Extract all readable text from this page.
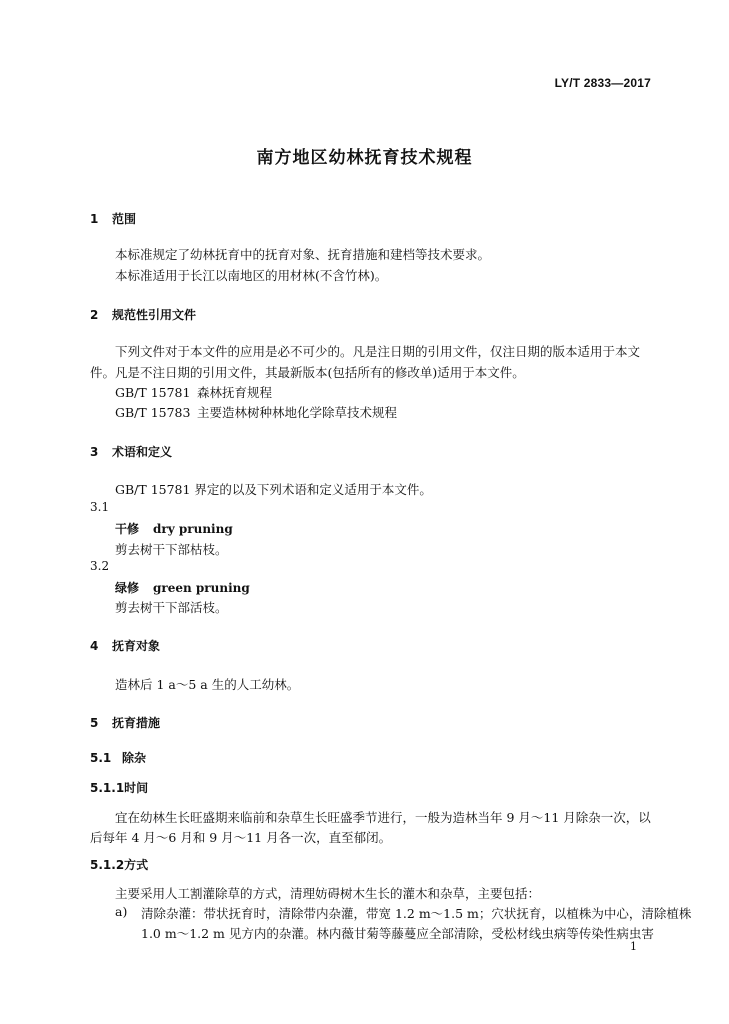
LY/T 2833—2017
南方地区幼林抚育技术规程
1 范围
本标准规定了幼林抚育中的抚育对象、抚育措施和建档等技术要求。
本标准适用于长江以南地区的用材林(不含竹林)。
2 规范性引用文件
下列文件对于本文件的应用是必不可少的。凡是注日期的引用文件，仅注日期的版本适用于本文
件。凡是不注日期的引用文件，其最新版本(包括所有的修改单)适用于本文件。
GB/T 15781 森林抚育规程
GB/T 15783 主要造林树种林地化学除草技术规程
3 术语和定义
GB/T 15781 界定的以及下列术语和定义适用于本文件。
3.1
干修 dry pruning
剪去树干下部枯枝。
3.2
绿修 green pruning
剪去树干下部活枝。
4 抚育对象
造林后 1 a～5 a 生的人工幼林。
5 抚育措施
5.1 除杂
5.1.1时间
宜在幼林生长旺盛期来临前和杂草生长旺盛季节进行，一般为造林当年 9 月～11 月除杂一次，以
后每年 4 月～6 月和 9 月～11 月各一次，直至郁闭。
5.1.2方式
主要采用人工割灌除草的方式，清理妨碍树木生长的灌木和杂草，主要包括：
a) 清除杂灌：带状抚育时，清除带内杂灌，带宽 1.2 m～1.5 m；穴状抚育，以植株为中心，清除植株
1.0 m～1.2 m 见方内的杂灌。林内薇甘菊等藤蔓应全部清除，受松材线虫病等传染性病虫害
1
